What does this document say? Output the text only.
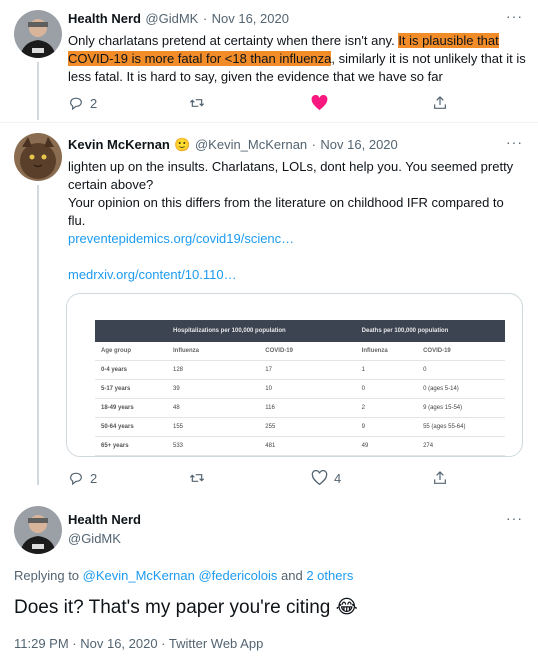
Health Nerd @GidMK · Nov 16, 2020	···
Only charlatans pretend at certainty when there isn't any. It is plausible that COVID-19 is more fatal for <18 than influenza, similarly it is not unlikely that it is less fatal. It is hard to say, given the evidence that we have so far
2
Kevin McKernan 🙂 @Kevin_McKernan · Nov 16, 2020	···
lighten up on the insults. Charlatans, LOLs, dont help you. You seemed pretty certain above?
Your opinion on this differs from the literature on childhood IFR compared to flu.
preventepidemics.org/covid19/scienc…
medrxiv.org/content/10.110…
	Hospitalizations per 100,000 population		Deaths per 100,000 population	
Age group	Influenza	COVID-19	Influenza	COVID-19
0-4 years	128	17	1	0
5-17 years	39	10	0	0 (ages 5-14)
18-49 years	48	116	2	9 (ages 15-54)
50-64 years	155	255	9	55 (ages 55-64)
65+ years	533	481	49	274
2	4
Health Nerd
@GidMK
···
Replying to @Kevin_McKernan @federicolois and 2 others
Does it? That's my paper you're citing 😂
11:29 PM · Nov 16, 2020 · Twitter Web App
